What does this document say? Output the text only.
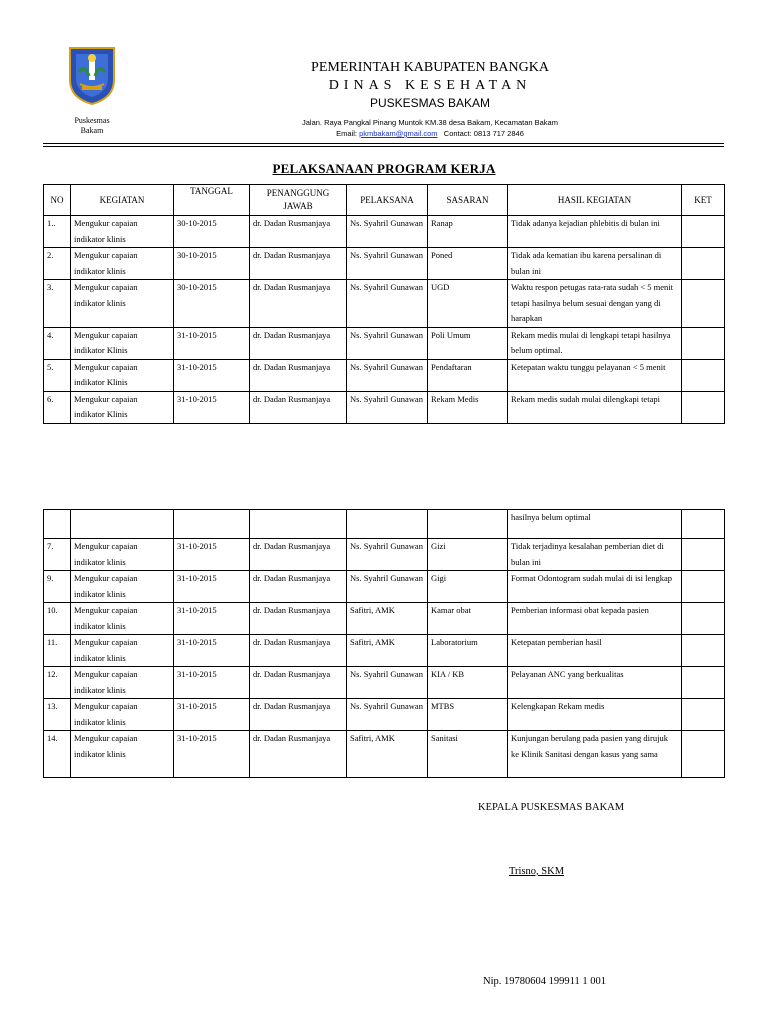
Puskesmas
Bakam
PEMERINTAH KABUPATEN BANGKA
DINAS KESEHATAN
PUSKESMAS BAKAM
Jalan. Raya Pangkal Pinang Muntok KM.38 desa Bakam, Kecamatan Bakam
Email: pkmbakam@gmail.com Contact: 0813 717 2846
PELAKSANAAN PROGRAM KERJA
NO	KEGIATAN	TANGGAL	PENANGGUNG JAWAB	PELAKSANA	SASARAN	HASIL KEGIATAN	KET
1..	Mengukur capaian indikator klinis	30-10-2015	dr. Dadan Rusmanjaya	Ns. Syahril Gunawan	Ranap	Tidak adanya kejadian phlebitis di bulan ini	
2.	Mengukur capaian indikator klinis	30-10-2015	dr. Dadan Rusmanjaya	Ns. Syahril Gunawan	Poned	Tidak ada kematian ibu karena persalinan di bulan ini	
3.	Mengukur capaian indikator klinis	30-10-2015	dr. Dadan Rusmanjaya	Ns. Syahril Gunawan	UGD	Waktu respon petugas rata-rata sudah < 5 menit tetapi hasilnya belum sesuai dengan yang di harapkan	
4.	Mengukur capaian indikator Klinis	31-10-2015	dr. Dadan Rusmanjaya	Ns. Syahril Gunawan	Poli Umum	Rekam medis mulai di lengkapi tetapi hasilnya belum optimal.	
5.	Mengukur capaian indikator Klinis	31-10-2015	dr. Dadan Rusmanjaya	Ns. Syahril Gunawan	Pendaftaran	Ketepatan waktu tunggu pelayanan < 5 menit	
6.	Mengukur capaian indikator Klinis	31-10-2015	dr. Dadan Rusmanjaya	Ns. Syahril Gunawan	Rekam Medis	Rekam medis sudah mulai dilengkapi tetapi	
						hasilnya belum optimal	
7.	Mengukur capaian indikator klinis	31-10-2015	dr. Dadan Rusmanjaya	Ns. Syahril Gunawan	Gizi	Tidak terjadinya kesalahan pemberian diet di bulan ini	
9.	Mengukur capaian indikator klinis	31-10-2015	dr. Dadan Rusmanjaya	Ns. Syahril Gunawan	Gigi	Format Odontogram sudah mulai di isi lengkap	
10.	Mengukur capaian indikator klinis	31-10-2015	dr. Dadan Rusmanjaya	Safitri, AMK	Kamar obat	Pemberian informasi obat kepada pasien	
11.	Mengukur capaian indikator klinis	31-10-2015	dr. Dadan Rusmanjaya	Safitri, AMK	Laboratorium	Ketepatan pemberian hasil	
12.	Mengukur capaian indikator klinis	31-10-2015	dr. Dadan Rusmanjaya	Ns. Syahril Gunawan	KIA / KB	Pelayanan ANC yang berkualitas	
13.	Mengukur capaian indikator klinis	31-10-2015	dr. Dadan Rusmanjaya	Ns. Syahril Gunawan	MTBS	Kelengkapan Rekam medis	
14.	Mengukur capaian indikator klinis	31-10-2015	dr. Dadan Rusmanjaya	Safitri, AMK	Sanitasi	Kunjungan berulang pada pasien yang dirujuk ke Klinik Sanitasi dengan kasus yang sama	
KEPALA PUSKESMAS BAKAM
Trisno, SKM
Nip. 19780604 199911 1 001
